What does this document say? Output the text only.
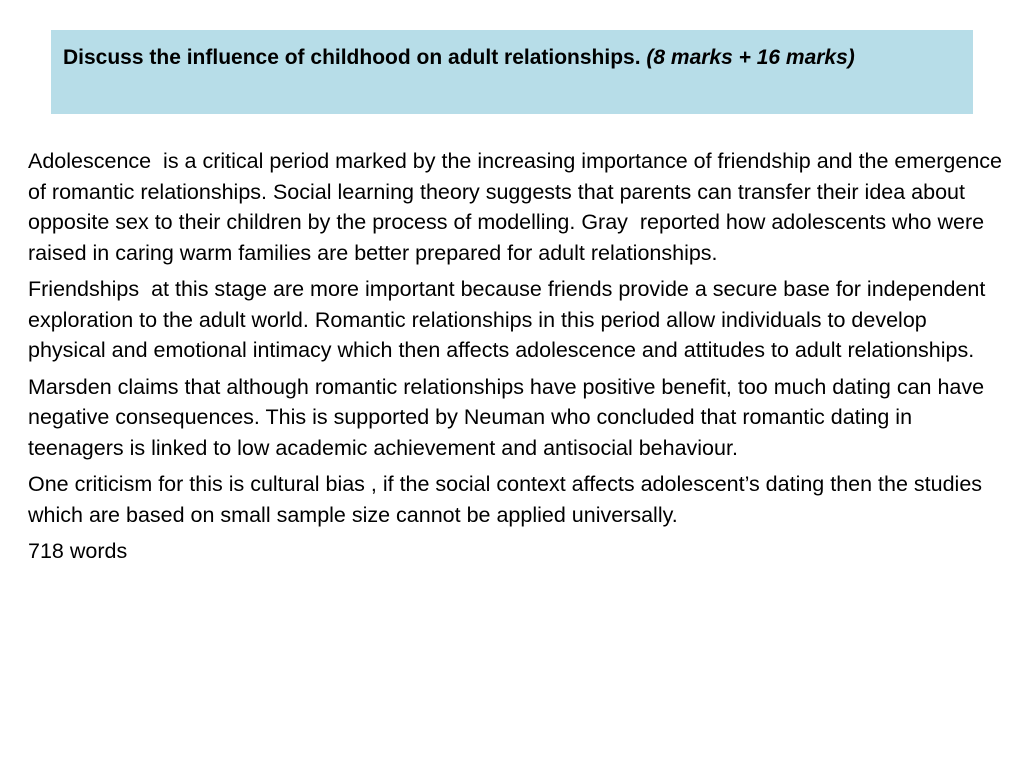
Discuss the influence of childhood on adult relationships. (8 marks + 16 marks)

Adolescence  is a critical period marked by the increasing importance of friendship and the emergence of romantic relationships. Social learning theory suggests that parents can transfer their idea about opposite sex to their children by the process of modelling. Gray  reported how adolescents who were raised in caring warm families are better prepared for adult relationships.

Friendships  at this stage are more important because friends provide a secure base for independent exploration to the adult world. Romantic relationships in this period allow individuals to develop physical and emotional intimacy which then affects adolescence and attitudes to adult relationships.

Marsden claims that although romantic relationships have positive benefit, too much dating can have negative consequences. This is supported by Neuman who concluded that romantic dating in teenagers is linked to low academic achievement and antisocial behaviour.

One criticism for this is cultural bias , if the social context affects adolescent’s dating then the studies which are based on small sample size cannot be applied universally.

718 words
